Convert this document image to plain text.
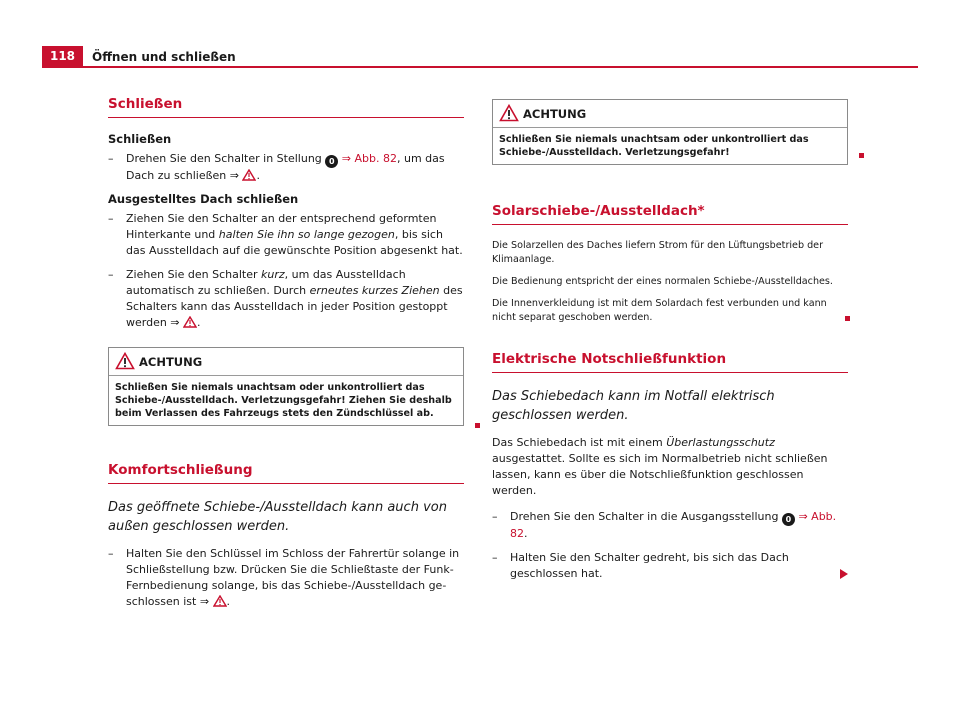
118	Öffnen und schließen
Schließen
Schließen
– Drehen Sie den Schalter in Stellung 0 ⇒ Abb. 82, um das Dach zu schließen ⇒ .
Ausgestelltes Dach schließen
– Ziehen Sie den Schalter an der entsprechend geformten Hinterkante und halten Sie ihn so lange gezogen, bis sich das Ausstelldach auf die gewünschte Position abgesenkt hat.
– Ziehen Sie den Schalter kurz, um das Ausstelldach automatisch zu schließen. Durch erneutes kurzes Ziehen des Schalters kann das Ausstelldach in jeder Position gestoppt werden ⇒ .
ACHTUNG
Schließen Sie niemals unachtsam oder unkontrolliert das Schiebe-/Ausstelldach. Verletzungsgefahr! Ziehen Sie deshalb beim Verlassen des Fahrzeugs stets den Zündschlüssel ab.
Komfortschließung
Das geöffnete Schiebe-/Ausstelldach kann auch von außen geschlossen werden.
– Halten Sie den Schlüssel im Schloss der Fahrertür solange in Schließstellung bzw. Drücken Sie die Schließtaste der Funk-Fernbedienung solange, bis das Schiebe-/Ausstelldach geschlossen ist ⇒ .
ACHTUNG
Schließen Sie niemals unachtsam oder unkontrolliert das Schiebe-/Ausstelldach. Verletzungsgefahr!
Solarschiebe-/Ausstelldach*
Die Solarzellen des Daches liefern Strom für den Lüftungsbetrieb der Klimaanlage.
Die Bedienung entspricht der eines normalen Schiebe-/Ausstelldaches.
Die Innenverkleidung ist mit dem Solardach fest verbunden und kann nicht separat geschoben werden.
Elektrische Notschließfunktion
Das Schiebedach kann im Notfall elektrisch geschlossen werden.
Das Schiebedach ist mit einem Überlastungsschutz ausgestattet. Sollte es sich im Normalbetrieb nicht schließen lassen, kann es über die Notschließfunktion geschlossen werden.
– Drehen Sie den Schalter in die Ausgangsstellung 0 ⇒ Abb. 82.
– Halten Sie den Schalter gedreht, bis sich das Dach geschlossen hat.
